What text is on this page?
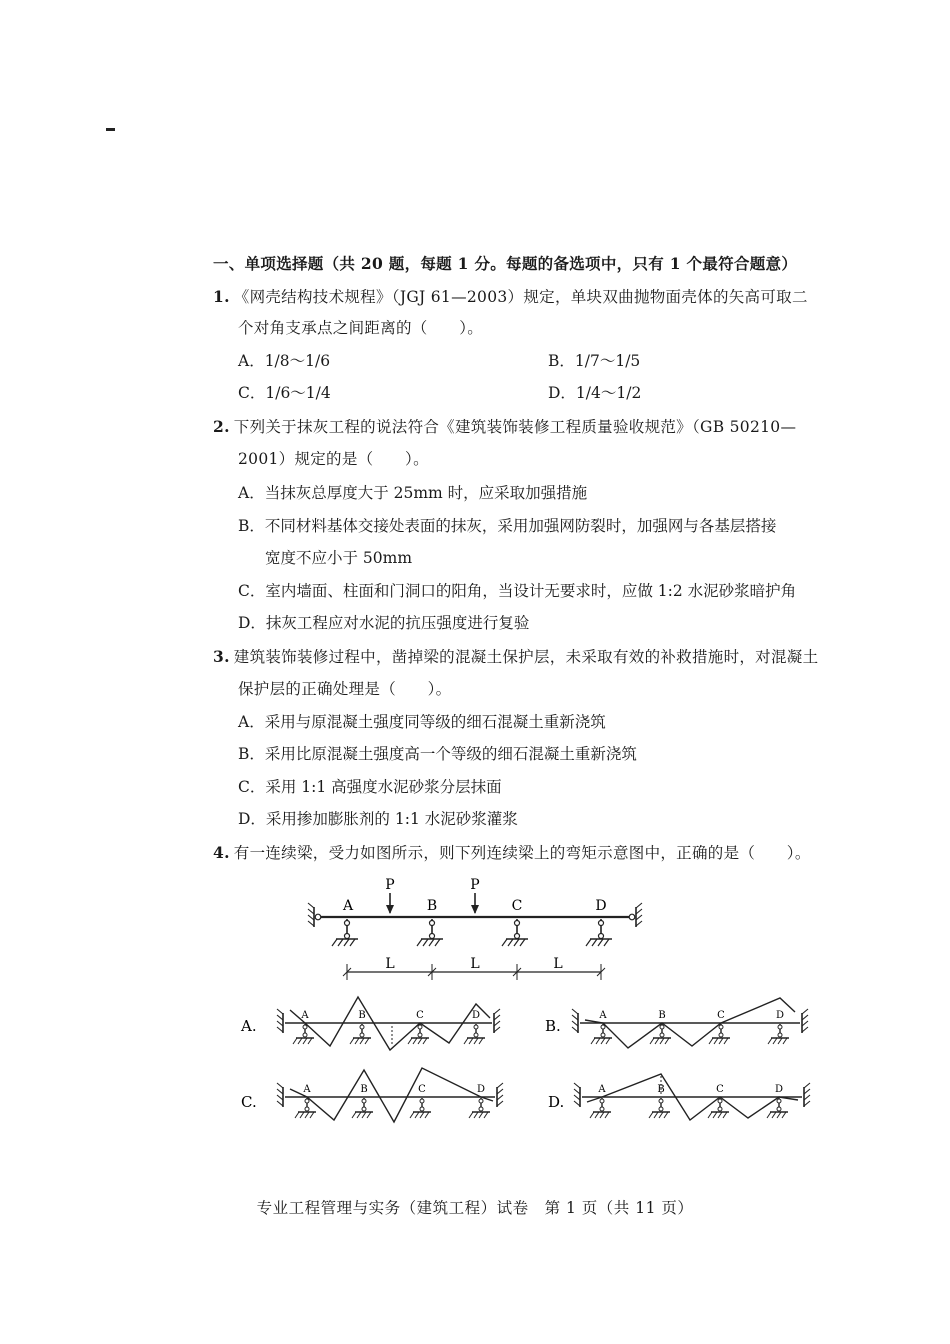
一、单项选择题（共 20 题，每题 1 分。每题的备选项中，只有 1 个最符合题意）
1. 《网壳结构技术规程》（JGJ 61—2003）规定，单块双曲抛物面壳体的矢高可取二
个对角支承点之间距离的（　　）。
A．1/8～1/6	B．1/7～1/5
C．1/6～1/4	D．1/4～1/2
2. 下列关于抹灰工程的说法符合《建筑装饰装修工程质量验收规范》（GB 50210—
2001）规定的是（　　）。
A．当抹灰总厚度大于 25mm 时，应采取加强措施
B．不同材料基体交接处表面的抹灰，采用加强网防裂时，加强网与各基层搭接
宽度不应小于 50mm
C．室内墙面、柱面和门洞口的阳角，当设计无要求时，应做 1:2 水泥砂浆暗护角
D．抹灰工程应对水泥的抗压强度进行复验
3. 建筑装饰装修过程中，凿掉梁的混凝土保护层，未采取有效的补救措施时，对混凝土
保护层的正确处理是（　　）。
A．采用与原混凝土强度同等级的细石混凝土重新浇筑
B．采用比原混凝土强度高一个等级的细石混凝土重新浇筑
C．采用 1:1 高强度水泥砂浆分层抹面
D．采用掺加膨胀剂的 1:1 水泥砂浆灌浆
4. 有一连续梁，受力如图所示，则下列连续梁上的弯矩示意图中，正确的是（　　）。
A	B	C	D
P	P
L	L	L
A.
A	B	C	D
B.
A	B	C	D
C.
A	B	C	D
D.
A	B	C	D
专业工程管理与实务（建筑工程）试卷　第 1 页（共 11 页）
